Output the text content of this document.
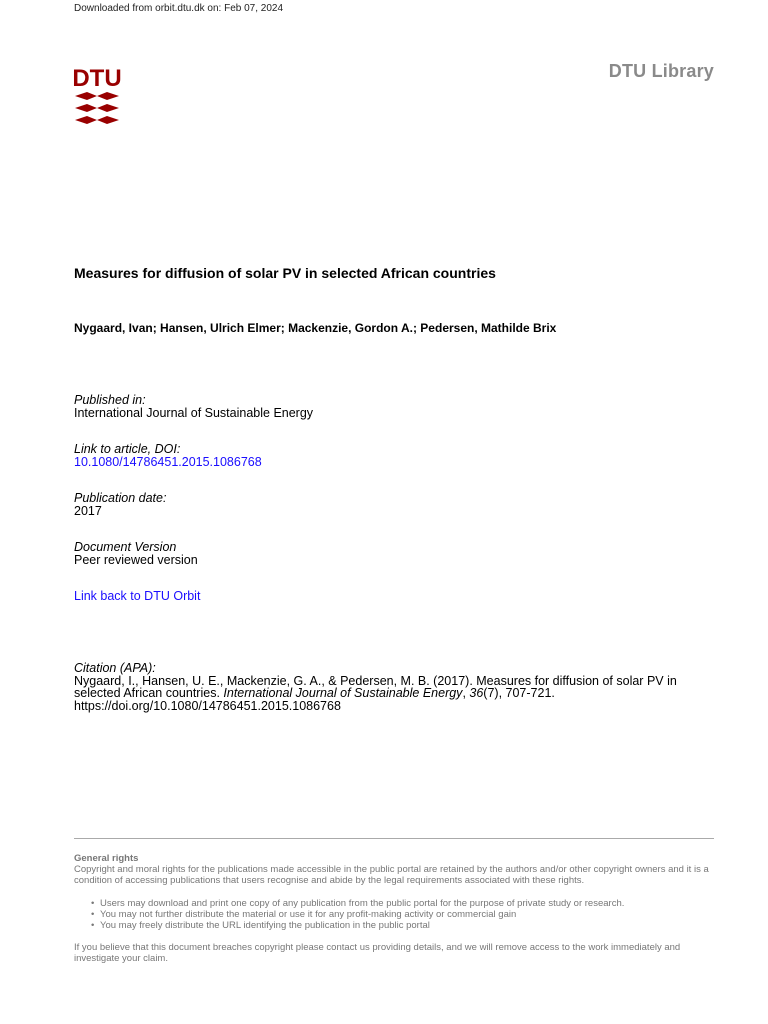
Downloaded from orbit.dtu.dk on: Feb 07, 2024
DTU	DTU Library
Measures for diffusion of solar PV in selected African countries
Nygaard, Ivan; Hansen, Ulrich Elmer; Mackenzie, Gordon A.; Pedersen, Mathilde Brix
Published in:
International Journal of Sustainable Energy
Link to article, DOI:
10.1080/14786451.2015.1086768
Publication date:
2017
Document Version
Peer reviewed version
Link back to DTU Orbit
Citation (APA):
Nygaard, I., Hansen, U. E., Mackenzie, G. A., & Pedersen, M. B. (2017). Measures for diffusion of solar PV in selected African countries. International Journal of Sustainable Energy, 36(7), 707-721.
https://doi.org/10.1080/14786451.2015.1086768
General rights
Copyright and moral rights for the publications made accessible in the public portal are retained by the authors and/or other copyright owners and it is a condition of accessing publications that users recognise and abide by the legal requirements associated with these rights.
• Users may download and print one copy of any publication from the public portal for the purpose of private study or research.
• You may not further distribute the material or use it for any profit-making activity or commercial gain
• You may freely distribute the URL identifying the publication in the public portal
If you believe that this document breaches copyright please contact us providing details, and we will remove access to the work immediately and investigate your claim.
